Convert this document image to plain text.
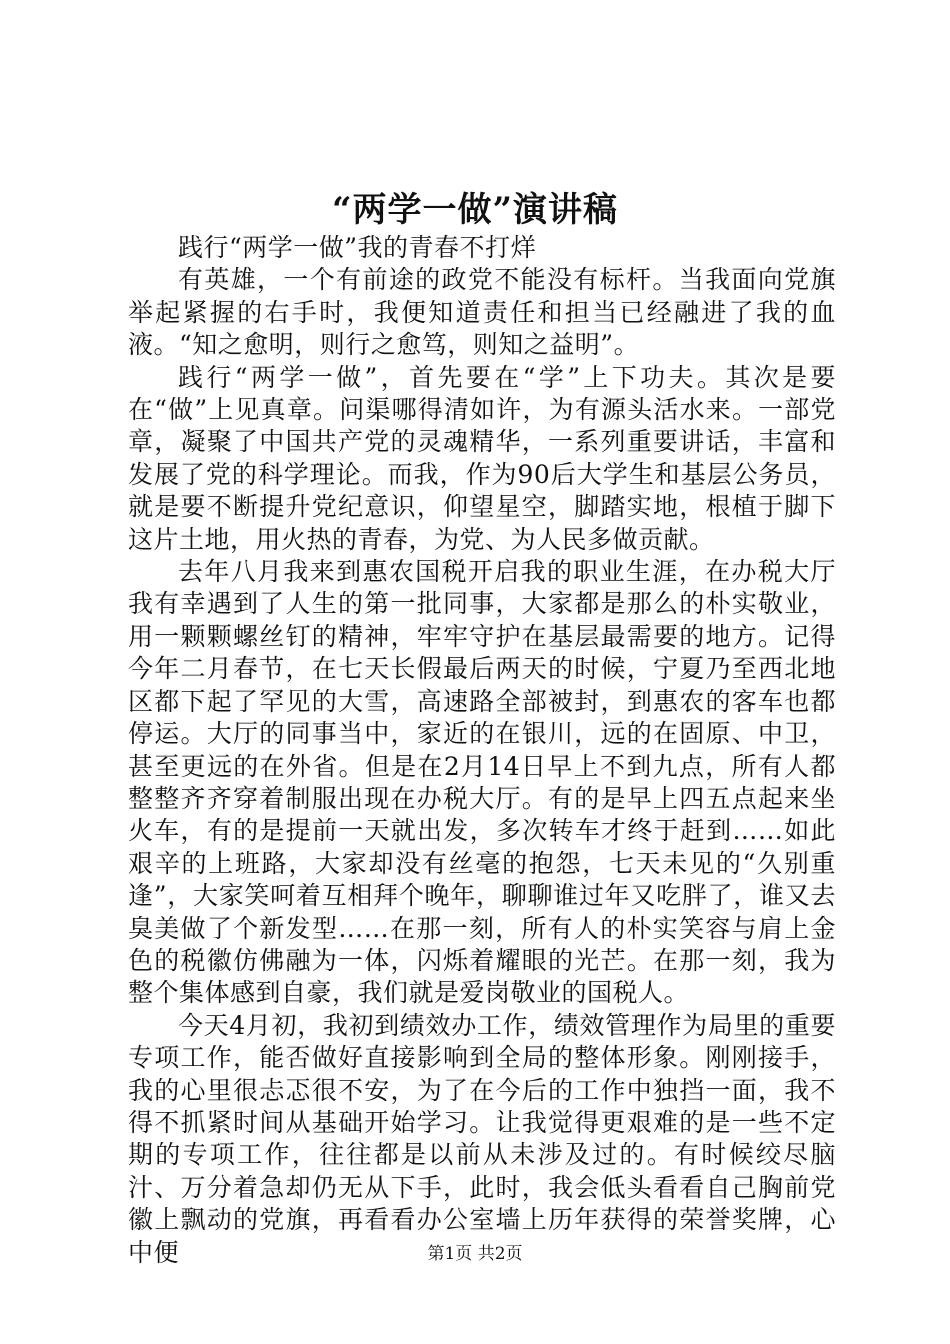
“两学一做”演讲稿

践行“两学一做”我的青春不打烊

有英雄，一个有前途的政党不能没有标杆。当我面向党旗举起紧握的右手时，我便知道责任和担当已经融进了我的血液。“知之愈明，则行之愈笃，则知之益明”。

践行“两学一做”，首先要在“学”上下功夫。其次是要在“做”上见真章。问渠哪得清如许，为有源头活水来。一部党章，凝聚了中国共产党的灵魂精华，一系列重要讲话，丰富和发展了党的科学理论。而我，作为90后大学生和基层公务员，就是要不断提升党纪意识，仰望星空，脚踏实地，根植于脚下这片土地，用火热的青春，为党、为人民多做贡献。

去年八月我来到惠农国税开启我的职业生涯，在办税大厅我有幸遇到了人生的第一批同事，大家都是那么的朴实敬业，用一颗颗螺丝钉的精神，牢牢守护在基层最需要的地方。记得今年二月春节，在七天长假最后两天的时候，宁夏乃至西北地区都下起了罕见的大雪，高速路全部被封，到惠农的客车也都停运。大厅的同事当中，家近的在银川，远的在固原、中卫，甚至更远的在外省。但是在2月14日早上不到九点，所有人都整整齐齐穿着制服出现在办税大厅。有的是早上四五点起来坐火车，有的是提前一天就出发，多次转车才终于赶到……如此艰辛的上班路，大家却没有丝毫的抱怨，七天未见的“久别重逢”，大家笑呵着互相拜个晚年，聊聊谁过年又吃胖了，谁又去臭美做了个新发型……在那一刻，所有人的朴实笑容与肩上金色的税徽仿佛融为一体，闪烁着耀眼的光芒。在那一刻，我为整个集体感到自豪，我们就是爱岗敬业的国税人。

今天4月初，我初到绩效办工作，绩效管理作为局里的重要专项工作，能否做好直接影响到全局的整体形象。刚刚接手，我的心里很忐忑很不安，为了在今后的工作中独挡一面，我不得不抓紧时间从基础开始学习。让我觉得更艰难的是一些不定期的专项工作，往往都是以前从未涉及过的。有时候绞尽脑汁、万分着急却仍无从下手，此时，我会低头看看自己胸前党徽上飘动的党旗，再看看办公室墙上历年获得的荣誉奖牌，心中便	第1页 共2页
